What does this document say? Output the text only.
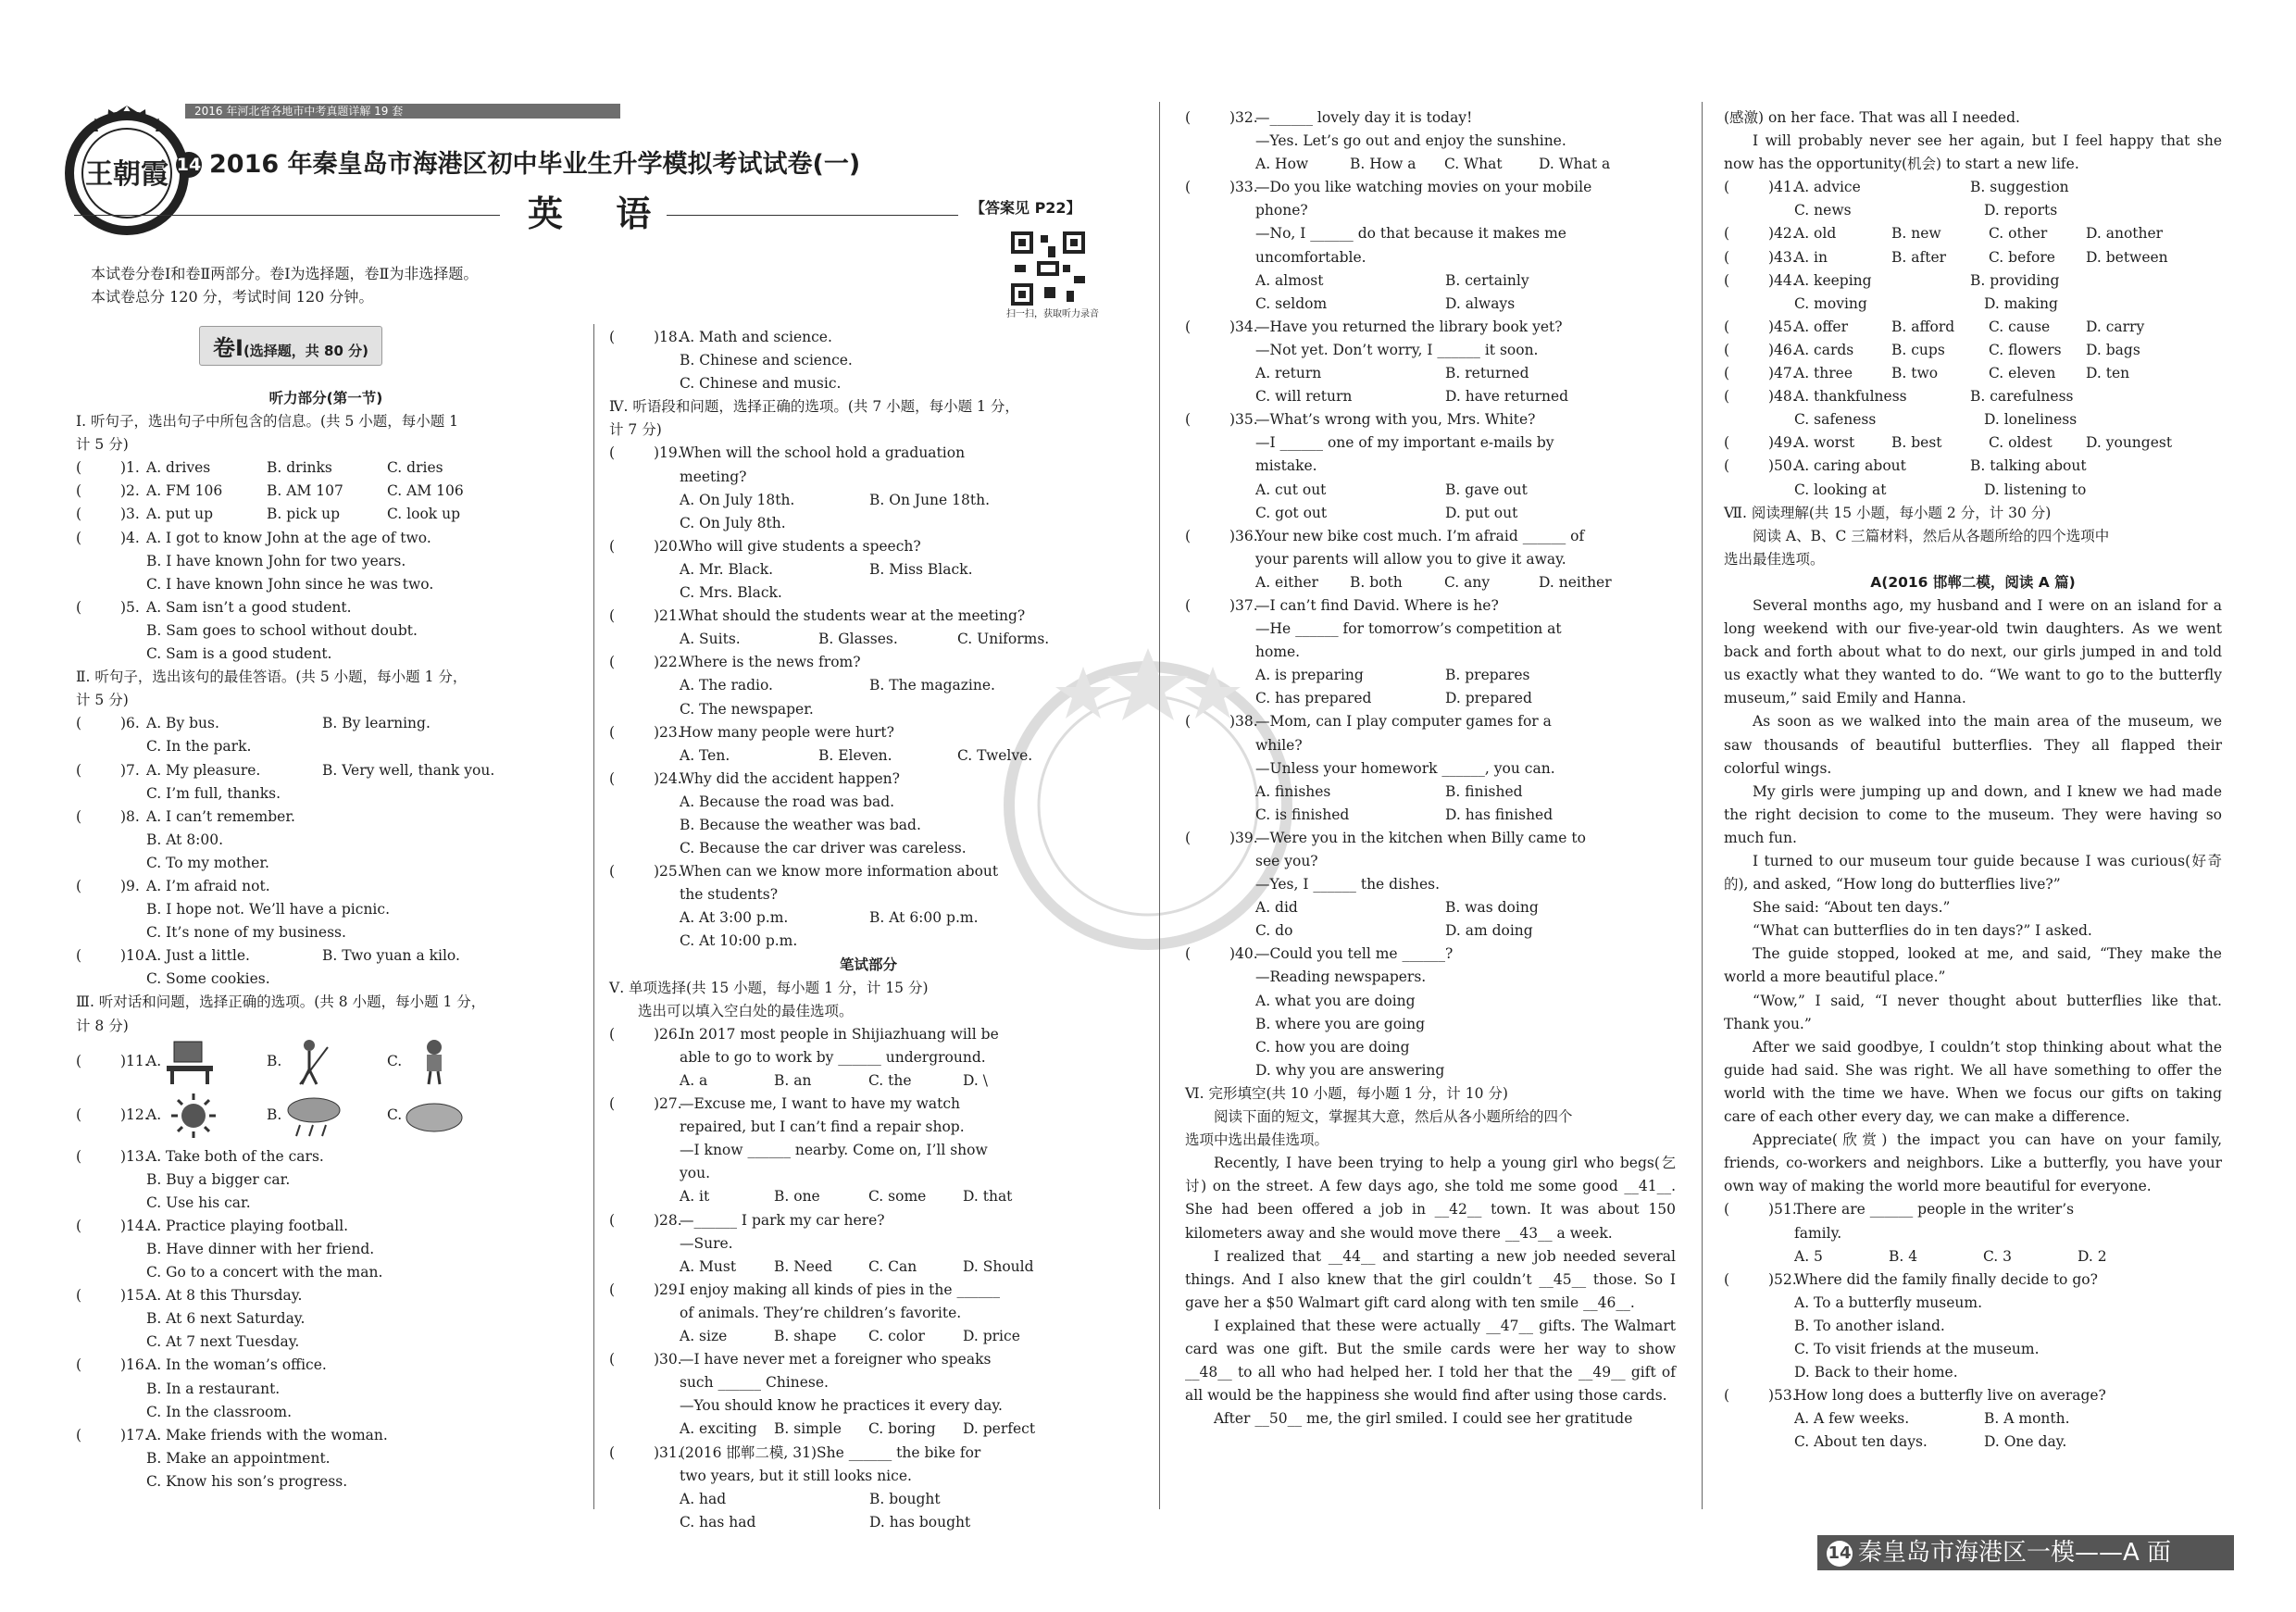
2016 年河北省各地市中考真题详解 19 套
王朝霞 14 2016 年秦皇岛市海港区初中毕业生升学模拟考试试卷(一)
英 语	【答案见 P22】
扫一扫，获取听力录音
本试卷分卷Ⅰ和卷Ⅱ两部分。卷Ⅰ为选择题，卷Ⅱ为非选择题。
本试卷总分 120 分，考试时间 120 分钟。
卷Ⅰ(选择题，共 80 分)
听力部分(第一节)
Ⅰ. 听句子，选出句子中所包含的信息。(共 5 小题，每小题 1
计 5 分)
(	)1. A. drives	B. drinks	C. dries
(	)2. A. FM 106	B. AM 107	C. AM 106
(	)3. A. put up	B. pick up	C. look up
(	)4. A. I got to know John at the age of two.
B. I have known John for two years.
C. I have known John since he was two.
(	)5. A. Sam isn’t a good student.
B. Sam goes to school without doubt.
C. Sam is a good student.
Ⅱ. 听句子，选出该句的最佳答语。(共 5 小题，每小题 1 分，
计 5 分)
(	)6. A. By bus.	B. By learning.
C. In the park.
(	)7. A. My pleasure.	B. Very well, thank you.
C. I’m full, thanks.
(	)8. A. I can’t remember.
B. At 8:00.
C. To my mother.
(	)9. A. I’m afraid not.
B. I hope not. We’ll have a picnic.
C. It’s none of my business.
(	)10.A. Just a little.	B. Two yuan a kilo.
C. Some cookies.
Ⅲ. 听对话和问题，选择正确的选项。(共 8 小题，每小题 1 分，
计 8 分)
(	)11.A.	B.	C.
(	)12.A.	B.	C.
(	)13.A. Take both of the cars.
B. Buy a bigger car.
C. Use his car.
(	)14.A. Practice playing football.
B. Have dinner with her friend.
C. Go to a concert with the man.
(	)15.A. At 8 this Thursday.
B. At 6 next Saturday.
C. At 7 next Tuesday.
(	)16.A. In the woman’s office.
B. In a restaurant.
C. In the classroom.
(	)17.A. Make friends with the woman.
B. Make an appointment.
C. Know his son’s progress.
(	)18.A. Math and science.
B. Chinese and science.
C. Chinese and music.
Ⅳ. 听语段和问题，选择正确的选项。(共 7 小题，每小题 1 分，
计 7 分)
(	)19.When will the school hold a graduation
meeting?
A. On July 18th.	B. On June 18th.
C. On July 8th.
(	)20.Who will give students a speech?
A. Mr. Black.	B. Miss Black.
C. Mrs. Black.
(	)21.What should the students wear at the meeting?
A. Suits.	B. Glasses.	C. Uniforms.
(	)22.Where is the news from?
A. The radio.	B. The magazine.
C. The newspaper.
(	)23.How many people were hurt?
A. Ten.	B. Eleven.	C. Twelve.
(	)24.Why did the accident happen?
A. Because the road was bad.
B. Because the weather was bad.
C. Because the car driver was careless.
(	)25.When can we know more information about
the students?
A. At 3:00 p.m.	B. At 6:00 p.m.
C. At 10:00 p.m.
笔试部分
Ⅴ. 单项选择(共 15 小题，每小题 1 分，计 15 分)
选出可以填入空白处的最佳选项。
(	)26.In 2017 most people in Shijiazhuang will be
able to go to work by ______ underground.
A. a	B. an	C. the	D. \
(	)27.—Excuse me, I want to have my watch
repaired, but I can’t find a repair shop.
—I know ______ nearby. Come on, I’ll show
you.
A. it	B. one	C. some	D. that
(	)28.—______ I park my car here?
—Sure.
A. Must	B. Need	C. Can	D. Should
(	)29.I enjoy making all kinds of pies in the ______
of animals. They’re children’s favorite.
A. size	B. shape C. color	D. price
(	)30.—I have never met a foreigner who speaks
such ______ Chinese.
—You should know he practices it every day.
A. exciting B. simple C. boring D. perfect
(	)31.(2016 邯郸二模, 31)She ______ the bike for
two years, but it still looks nice.
A. had	B. bought
C. has had	D. has bought
(	)32.—______ lovely day it is today!
—Yes. Let’s go out and enjoy the sunshine.
A. How	B. How a C. What	D. What a
(	)33.—Do you like watching movies on your mobile
phone?
—No, I ______ do that because it makes me
uncomfortable.
A. almost	B. certainly
C. seldom	D. always
(	)34.—Have you returned the library book yet?
—Not yet. Don’t worry, I ______ it soon.
A. return	B. returned
C. will return	D. have returned
(	)35.—What’s wrong with you, Mrs. White?
—I ______ one of my important e-mails by
mistake.
A. cut out	B. gave out
C. got out	D. put out
(	)36.Your new bike cost much. I’m afraid ______ of
your parents will allow you to give it away.
A. either B. both	C. any	D. neither
(	)37.—I can’t find David. Where is he?
—He ______ for tomorrow’s competition at
home.
A. is preparing	B. prepares
C. has prepared	D. prepared
(	)38.—Mom, can I play computer games for a
while?
—Unless your homework ______, you can.
A. finishes	B. finished
C. is finished	D. has finished
(	)39.—Were you in the kitchen when Billy came to
see you?
—Yes, I ______ the dishes.
A. did	B. was doing
C. do	D. am doing
(	)40.—Could you tell me ______?
—Reading newspapers.
A. what you are doing
B. where you are going
C. how you are doing
D. why you are answering
Ⅵ. 完形填空(共 10 小题，每小题 1 分，计 10 分)
阅读下面的短文，掌握其大意，然后从各小题所给的四个
选项中选出最佳选项。
Recently, I have been trying to help a young girl who begs(乞讨) on the street. A few days ago, she told me some good __41__. She had been offered a job in __42__ town. It was about 150 kilometers away and she would move there __43__ a week.
I realized that __44__ and starting a new job needed several things. And I also knew that the girl couldn’t __45__ those. So I gave her a $50 Walmart gift card along with ten smile __46__.
I explained that these were actually __47__ gifts. The Walmart card was one gift. But the smile cards were her way to show __48__ to all who had helped her. I told her that the __49__ gift of all would be the happiness she would find after using those cards.
After __50__ me, the girl smiled. I could see her gratitude
(感激) on her face. That was all I needed.
I will probably never see her again, but I feel happy that she now has the opportunity(机会) to start a new life.
(	)41.A. advice	B. suggestion
C. news	D. reports
(	)42.A. old	B. new	C. other	D. another
(	)43.A. in	B. after	C. before D. between
(	)44.A. keeping	B. providing
C. moving	D. making
(	)45.A. offer	B. afford C. cause	D. carry
(	)46.A. cards	B. cups	C. flowers D. bags
(	)47.A. three	B. two	C. eleven D. ten
(	)48.A. thankfulness	B. carefulness
C. safeness	D. loneliness
(	)49.A. worst	B. best	C. oldest D. youngest
(	)50.A. caring about	B. talking about
C. looking at	D. listening to
Ⅶ. 阅读理解(共 15 小题，每小题 2 分，计 30 分)
阅读 A、B、C 三篇材料，然后从各题所给的四个选项中
选出最佳选项。
A(2016 邯郸二模，阅读 A 篇)
Several months ago, my husband and I were on an island for a long weekend with our five-year-old twin daughters. As we went back and forth about what to do next, our girls jumped in and told us exactly what they wanted to do. “We want to go to the butterfly museum,” said Emily and Hanna.
As soon as we walked into the main area of the museum, we saw thousands of beautiful butterflies. They all flapped their colorful wings.
My girls were jumping up and down, and I knew we had made the right decision to come to the museum. They were having so much fun.
I turned to our museum tour guide because I was curious(好奇的), and asked, “How long do butterflies live?”
She said: “About ten days.”
“What can butterflies do in ten days?” I asked.
The guide stopped, looked at me, and said, “They make the world a more beautiful place.”
“Wow,” I said, “I never thought about butterflies like that. Thank you.”
After we said goodbye, I couldn’t stop thinking about what the guide had said. She was right. We all have something to offer the world with the time we have. When we focus our gifts on taking care of each other every day, we can make a difference.
Appreciate(欣赏) the impact you can have on your family, friends, co-workers and neighbors. Like a butterfly, you have your own way of making the world more beautiful for everyone.
(	)51.There are ______ people in the writer’s
family.
A. 5	B. 4	C. 3	D. 2
(	)52.Where did the family finally decide to go?
A. To a butterfly museum.
B. To another island.
C. To visit friends at the museum.
D. Back to their home.
(	)53.How long does a butterfly live on average?
A. A few weeks.	B. A month.
C. About ten days.	D. One day.
14 秦皇岛市海港区一模——A 面
